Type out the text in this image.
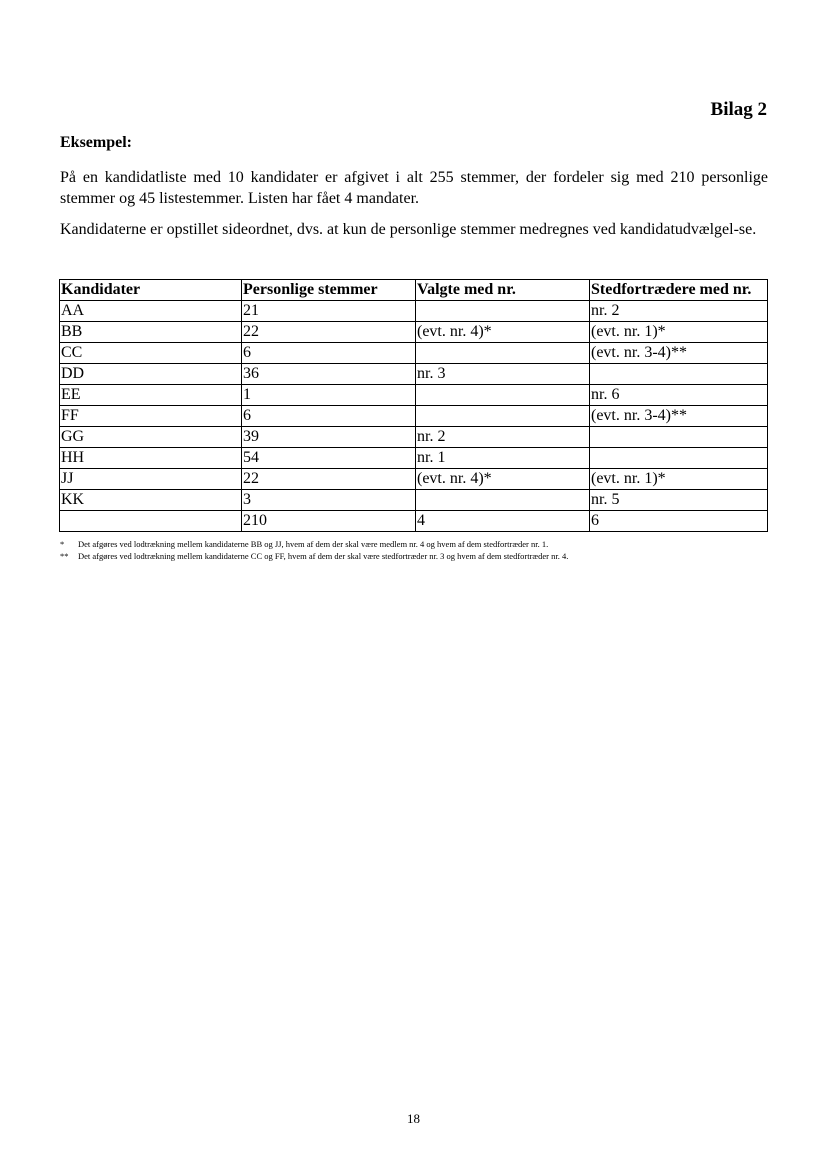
Bilag 2
Eksempel:
På en kandidatliste med 10 kandidater er afgivet i alt 255 stemmer, der fordeler sig med 210 personlige stemmer og 45 listestemmer. Listen har fået 4 mandater.
Kandidaterne er opstillet sideordnet, dvs. at kun de personlige stemmer medregnes ved kandidatudvælgel-se.
Kandidater	Personlige stemmer	Valgte med nr.	Stedfortrædere med nr.
AA	21		nr. 2
BB	22	(evt. nr. 4)*	(evt. nr. 1)*
CC	6		(evt. nr. 3-4)**
DD	36	nr. 3	
EE	1		nr. 6
FF	6		(evt. nr. 3-4)**
GG	39	nr. 2	
HH	54	nr. 1	
JJ	22	(evt. nr. 4)*	(evt. nr. 1)*
KK	3		nr. 5
	210	4	6
*	Det afgøres ved lodtrækning mellem kandidaterne BB og JJ, hvem af dem der skal være medlem nr. 4 og hvem af dem stedfortræder nr. 1.
**	Det afgøres ved lodtrækning mellem kandidaterne CC og FF, hvem af dem der skal være stedfortræder nr. 3 og hvem af dem stedfortræder nr. 4.
18
